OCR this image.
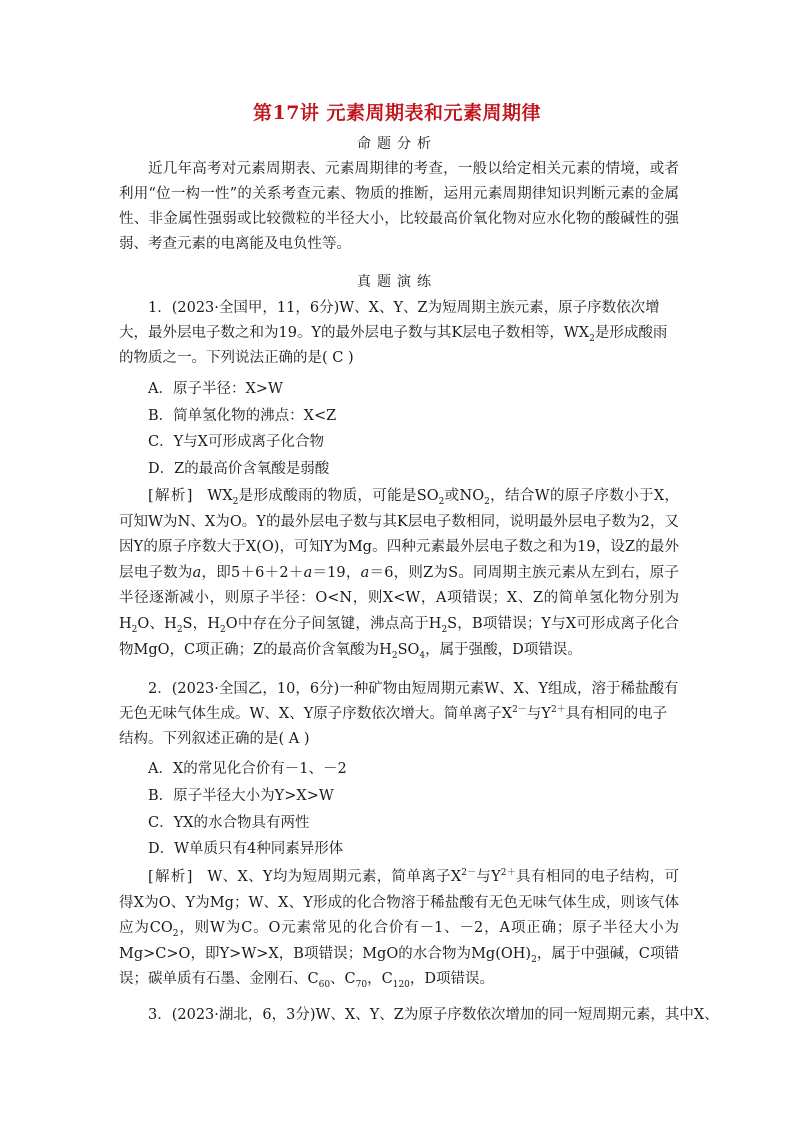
第17讲 元素周期表和元素周期律
命题分析
近几年高考对元素周期表、元素周期律的考查，一般以给定相关元素的情境，或者利用“位一构一性”的关系考查元素、物质的推断，运用元素周期律知识判断元素的金属性、非金属性强弱或比较微粒的半径大小，比较最高价氧化物对应水化物的酸碱性的强弱、考查元素的电离能及电负性等。
真题演练
1．(2023·全国甲，11，6分)W、X、Y、Z为短周期主族元素，原子序数依次增大，最外层电子数之和为19。Y的最外层电子数与其K层电子数相等，$WX_2$是形成酸雨的物质之一。下列说法正确的是( C )
A．原子半径：X>W
B．简单氢化物的沸点：X<Z
C．Y与X可形成离子化合物
D．Z的最高价含氧酸是弱酸
[ 解析 ] $WX_2$是形成酸雨的物质，可能是$SO_2$或$NO_2$，结合W的原子序数小于X，可知W为N、X为O。Y的最外层电子数与其K层电子数相同，说明最外层电子数为2，又因Y的原子序数大于X(O)，可知Y为Mg。四种元素最外层电子数之和为19，设Z的最外层电子数为a，即5＋6＋2＋a＝19，a＝6，则Z为S。同周期主族元素从左到右，原子半径逐渐减小，则原子半径：O<N，则X<W，A项错误；X、Z的简单氢化物分别为$H_2O$、$H_2S$，$H_2O$中存在分子间氢键，沸点高于$H_2S$，B项错误；Y与X可形成离子化合物MgO，C项正确；Z的最高价含氧酸为$H_2SO_4$，属于强酸，D项错误。
2．(2023·全国乙，10，6分)一种矿物由短周期元素W、X、Y组成，溶于稀盐酸有无色无味气体生成。W、X、Y原子序数依次增大。简单离子$X^{2-}$与$Y^{2+}$具有相同的电子结构。下列叙述正确的是( A )
A．X的常见化合价有－1、－2
B．原子半径大小为Y>X>W
C．YX的水合物具有两性
D．W单质只有4种同素异形体
[ 解析 ] W、X、Y均为短周期元素，简单离子$X^{2-}$与$Y^{2+}$具有相同的电子结构，可得X为O、Y为Mg；W、X、Y形成的化合物溶于稀盐酸有无色无味气体生成，则该气体应为$CO_2$，则W为C。O元素常见的化合价有－1、－2，A项正确；原子半径大小为Mg>C>O，即Y>W>X，B项错误；MgO的水合物为$Mg(OH)_2$，属于中强碱，C项错误；碳单质有石墨、金刚石、$C_{60}$、$C_{70}$，$C_{120}$，D项错误。
3．(2023·湖北，6，3分)W、X、Y、Z为原子序数依次增加的同一短周期元素，其中X、
